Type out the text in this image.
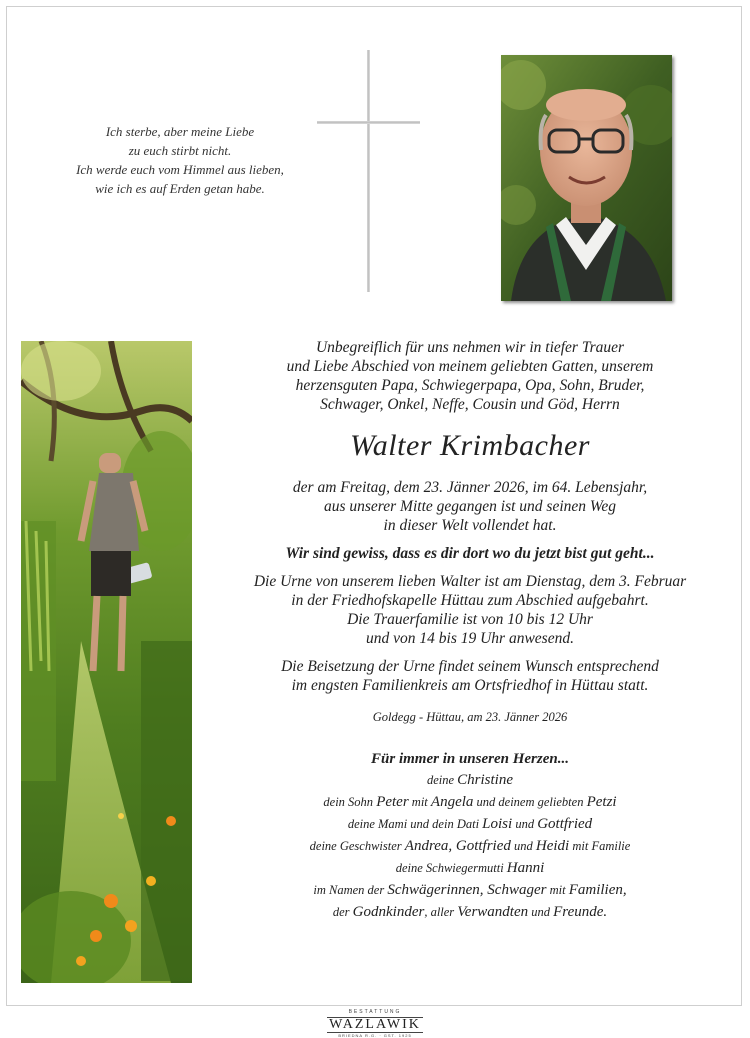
Ich sterbe, aber meine Liebe
zu euch stirbt nicht.
Ich werde euch vom Himmel aus lieben,
wie ich es auf Erden getan habe.
Unbegreiflich für uns nehmen wir in tiefer Trauer
und Liebe Abschied von meinem geliebten Gatten, unserem
herzensguten Papa, Schwiegerpapa, Opa, Sohn, Bruder,
Schwager, Onkel, Neffe, Cousin und Göd, Herrn
Walter Krimbacher
der am Freitag, dem 23. Jänner 2026, im 64. Lebensjahr,
aus unserer Mitte gegangen ist und seinen Weg
in dieser Welt vollendet hat.
Wir sind gewiss, dass es dir dort wo du jetzt bist gut geht...
Die Urne von unserem lieben Walter ist am Dienstag, dem 3. Februar
in der Friedhofskapelle Hüttau zum Abschied aufgebahrt.
Die Trauerfamilie ist von 10 bis 12 Uhr
und von 14 bis 19 Uhr anwesend.
Die Beisetzung der Urne findet seinem Wunsch entsprechend
im engsten Familienkreis am Ortsfriedhof in Hüttau statt.
Goldegg - Hüttau, am 23. Jänner 2026
Für immer in unseren Herzen...
deine Christine
dein Sohn Peter mit Angela und deinem geliebten Petzi
deine Mami und dein Dati Loisi und Gottfried
deine Geschwister Andrea, Gottfried und Heidi mit Familie
deine Schwiegermutti Hanni
im Namen der Schwägerinnen, Schwager mit Familien,
der Godnkinder, aller Verwandten und Freunde.
BESTATTUNG
WAZLAWIK
BRIEDNA R.G. · GST. 1925
